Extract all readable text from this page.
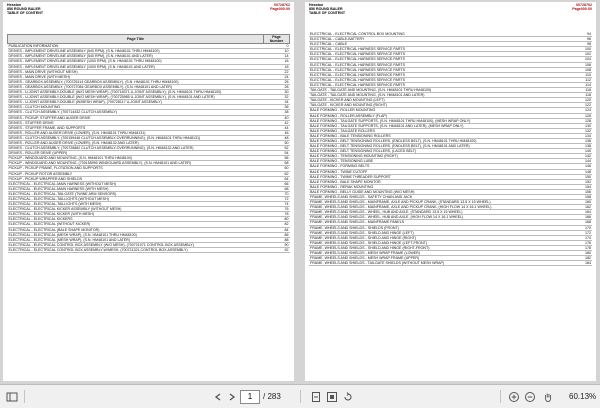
Hesston
856 ROUND BALER
TABLE OF CONTENT
00728762
Page000-00
Page Title	Page Number
PUBLICATION INFORMATION	0
DRIVES - IMPLEMENT DRIVELINE ASSEMBLY (540 RPM), (S.N. HM48101 THRU HM48100)	10
DRIVES - IMPLEMENT DRIVELINE ASSEMBLY (540 RPM), (S.N. HM48101 AND LATER)	14
DRIVES - IMPLEMENT DRIVELINE ASSEMBLY (1000 RPM), (S.N. HM48101 THRU HM48100)	16
DRIVES - IMPLEMENT DRIVELINE ASSEMBLY (1000 RPM), (S.N. HM48101 AND LATER)	18
DRIVES - MAIN DRIVE (WITHOUT MESH)	22
DRIVES - MAIN DRIVE (WITH MESH)	24
DRIVES - GEARBOX ASSEMBLY, (700725114 GEARBOX ASSEMBLY), (S.N. HM48101 THRU HM48100)	26
DRIVES - GEARBOX ASSEMBLY, (700727084 GEARBOX ASSEMBLY), (S.N. HM48101 AND LATER)	28
DRIVES - U-JOINT ASSEMBLY-DOUBLE (W/O MESH WRAP), (700718371 U-JOINT ASSEMBLY), (S.N. HM48101 THRU HM48100)	30
DRIVES - U-JOINT ASSEMBLY-DOUBLE (W/O MESH WRAP), (700725985 U-JOINT ASSEMBLY), (S.N. HM48101 AND LATER)	32
DRIVES - U-JOINT ASSEMBLY-DOUBLE (W/MESH WRAP), (700728117 U-JOINT ASSEMBLY)	34
DRIVES - CLUTCH MOUNTING	36
DRIVES - CLUTCH ASSEMBLY, (700714432 CLUTCH ASSEMBLY)	38
DRIVES - PICKUP, STUFFER AND AUGER DRIVE	40
DRIVES - STUFFER DRIVE	42
DRIVES - STUFFER FRAME, AND SUPPORTS	44
DRIVES - ROLLER AND AUGER DRIVE (LOWER), (S.N. HM48101 THRU HM48131)	46
DRIVES - CLUTCH ASSEMBLY, (700159446 CLUTCH ASSEMBLY-OVERRUNNING), (S.N. HM48101 THRU HM48131)	48
DRIVES - ROLLER AND AUGER DRIVE (LOWER), (S.N. HM48132 AND LATER)	50
DRIVES - CLUTCH ASSEMBLY, (700726882 CLUTCH ASSEMBLY-OVERRUNNING), (S.N. HM48132 AND LATER)	52
DRIVES - ROLLER DRIVE (UPPER)	54
PICKUP - WINDGUARD AND MOUNTING, (S.N. HM48101 THRU HM48100)	56
PICKUP - WINDGUARD AND MOUNTING, (700155990 WINDGUARD ASSEMBLY), (S.N. HM48101 AND LATER)	58
PICKUP - PICKUP FRAME, FLOTATION AND SUPPORTS	60
PICKUP - PICKUP ROTOR ASSEMBLY	62
PICKUP - PICKUP WRAPPER AND SHIELDS	64
ELECTRICAL - ELECTRICAL-MAIN HARNESS (WITHOUT MESH)	66
ELECTRICAL - ELECTRICAL-MAIN HARNESS (WITH MESH)	68
ELECTRICAL - ELECTRICAL-TAILGATE (TWINE ARM SENSORS)	70
ELECTRICAL - ELECTRICAL-TAILLIGHTS (WITHOUT MESH)	72
ELECTRICAL - ELECTRICAL-TAILLIGHTS (WITH MESH)	74
ELECTRICAL - ELECTRICAL KICKER ASSEMBLY (WITHOUT MESH)	76
ELECTRICAL - ELECTRICAL KICKER (WITH MESH)	78
ELECTRICAL - ELECTRICAL KICKERS	80
ELECTRICAL - ELECTRICAL (WITHOUT KICKER)	82
ELECTRICAL - ELECTRICAL (BALE SHAPE MONITOR)	84
ELECTRICAL - ELECTRICAL (MESH WRAP), (S.N. HM48101 THRU HM48100)	86
ELECTRICAL - ELECTRICAL (MESH WRAP), (S.N. HM48101 AND LATER)	88
ELECTRICAL - ELECTRICAL CONTROL BOX ASSEMBLY (W/O MESH), (700721071 CONTROL BOX ASSEMBLY)	90
ELECTRICAL - ELECTRICAL CONTROL BOX ASSEMBLY-W/MESH, (700721321 CONTROL BOX ASSEMBLY)	92
Hesston
856 ROUND BALER
TABLE OF CONTENT
00728762
Page000-00
ELECTRICAL - ELECTRICAL CONTROL BOX MOUNTING	94
ELECTRICAL - CABLE-BATTERY	96
ELECTRICAL - CABLE	98
ELECTRICAL - ELECTRICAL HARNESS SERVICE PARTS	100
ELECTRICAL - ELECTRICAL HARNESS SERVICE PARTS	102
ELECTRICAL - ELECTRICAL HARNESS SERVICE PARTS	104
ELECTRICAL - ELECTRICAL HARNESS SERVICE PARTS	106
ELECTRICAL - ELECTRICAL HARNESS SERVICE PARTS	108
ELECTRICAL - ELECTRICAL HARNESS SERVICE PARTS	110
ELECTRICAL - ELECTRICAL HARNESS SERVICE PARTS	112
ELECTRICAL - ELECTRICAL HARNESS SERVICE PARTS	114
TAILGATE - TAILGATE AND MOUNTING, (S.N. HM48101 THRU HM48100)	116
TAILGATE - TAILGATE AND MOUNTING, (S.N. HM48101 AND LATER)	118
TAILGATE - KICKER AND MOUNTING (LEFT)	120
TAILGATE - KICKER AND MOUNTING (RIGHT)	122
BALE FORMING - ROLLER MOUNTING	124
BALE FORMING - ROLLER ASSEMBLY (FLAP)	126
BALE FORMING - TAILGATE SUPPORTS, (S.N. HM48101 THRU HM48100), (MESH WRAP ONLY)	128
BALE FORMING - TAILGATE SUPPORTS, (S.N. HM48101 AND LATER), (MESH WRAP ONLY)	130
BALE FORMING - TAILGATE ROLLERS	132
BALE FORMING - BALE TENSIONING ROLLERS	134
BALE FORMING - BELT TENSIONING ROLLERS, (ENDLESS BELT), (S.N. HM48101 THRU HM48100)	136
BALE FORMING - BELT TENSIONING ROLLERS, (ENDLESS BELT), (S.N. HM48101 AND LATER)	138
BALE FORMING - BELT TENSIONING ROLLERS, (LACED BELT)	140
BALE FORMING - TENSIONING MOUNTING (RIGHT)	142
BALE FORMING - TENSIONING LUBE	144
BALE FORMING - FORMING BELTS	146
BALE FORMING - TWINE CUTOFF	148
BALE FORMING - TWINE THREADER SUPPORT	150
BALE FORMING - BALE SHAPE MONITOR	152
BALE FORMING - RERAK MOUNTING	154
BALE FORMING - BELLY GUIDE AND MOUNTING (W/O MESH)	156
FRAME, WHEELS AND SHIELDS - SAFETY CHAIN AND JACK	158
FRAME, WHEELS AND SHIELDS - MAINFRAME, AXLE AND PICKUP CRANK, (STANDARD 13.5 X 15 WHEEL)	160
FRAME, WHEELS AND SHIELDS - MAINFRAME, AXLE AND PICKUP CRANK, (HIGH FLOW 14 X 16.1 WHEEL)	162
FRAME, WHEELS AND SHIELDS - WHEEL, HUB AND AXLE, (STANDARD 13.5 X 15 WHEEL)	164
FRAME, WHEELS AND SHIELDS - WHEEL, HUB AND AXLE, (HIGH FLOW 14 X 16.1 WHEEL)	166
FRAME, WHEELS AND SHIELDS - MAINFRAME PANELS	168
FRAME, WHEELS AND SHIELDS - SHIELDS (FRONT)	170
FRAME, WHEELS AND SHIELDS - SHIELD AND HINGE (LEFT)	172
FRAME, WHEELS AND SHIELDS - SHIELD AND HINGE (RIGHT)	174
FRAME, WHEELS AND SHIELDS - SHIELD AND HINGE (LEFT-FRONT)	176
FRAME, WHEELS AND SHIELDS - SHIELD AND HINGE (RIGHT-FRONT)	178
FRAME, WHEELS AND SHIELDS - MESH WRAP FRAME (LOWER)	180
FRAME, WHEELS AND SHIELDS - MESH WRAP FRAME (UPPER)	182
FRAME, WHEELS AND SHIELDS - TAILGATE SHIELDS (WITHOUT MESH WRAP)	184
1	/ 283	60.13%
